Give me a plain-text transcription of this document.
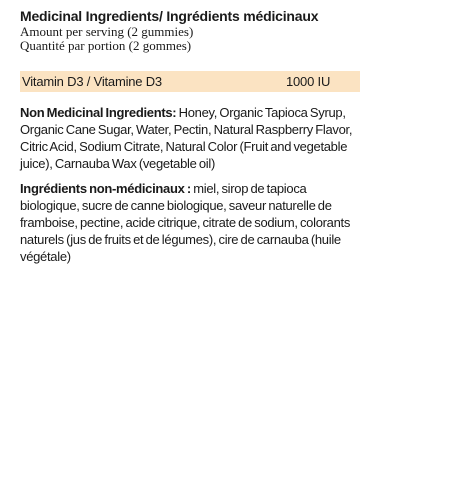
Medicinal Ingredients/ Ingrédients médicinaux

Amount per serving (2 gummies)

Quantité par portion (2 gommes)

Vitamin D3 / Vitamine D3	1000 IU
Non Medicinal Ingredients: Honey, Organic Tapioca Syrup, Organic Cane Sugar, Water, Pectin, Natural Raspberry Flavor, Citric Acid, Sodium Citrate, Natural Color (Fruit and vegetable juice), Carnauba Wax (vegetable oil)
Ingrédients non-médicinaux : miel, sirop de tapioca biologique, sucre de canne biologique, saveur naturelle de framboise, pectine, acide citrique, citrate de sodium, colorants naturels (jus de fruits et de légumes), cire de carnauba (huile végétale)
